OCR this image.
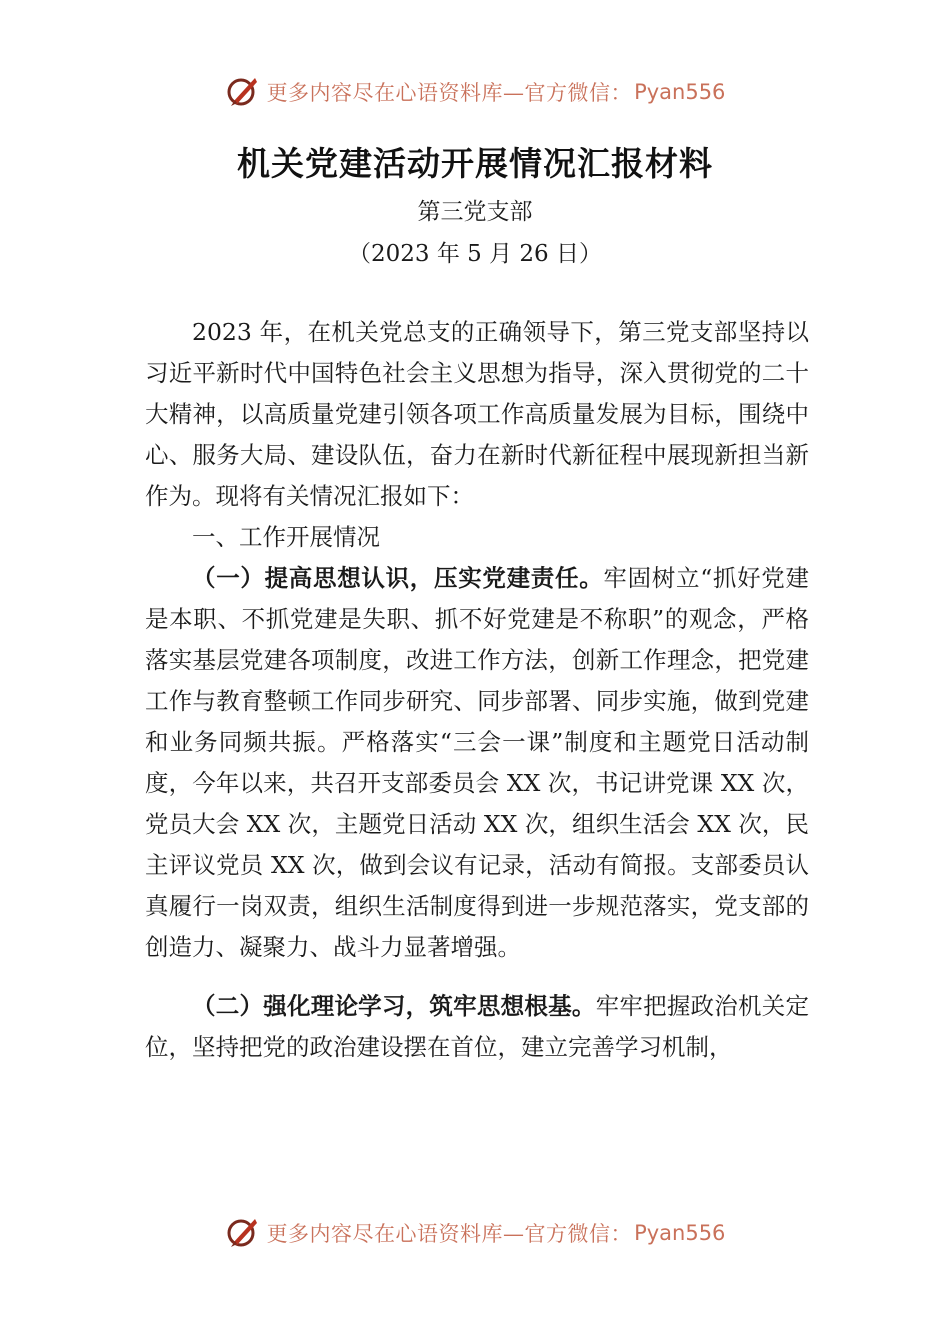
更多内容尽在心语资料库—官方微信： Pyan556
机关党建活动开展情况汇报材料
第三党支部
（2023 年 5 月 26 日）

2023 年，在机关党总支的正确领导下，第三党支部坚持以习近平新时代中国特色社会主义思想为指导，深入贯彻党的二十大精神，以高质量党建引领各项工作高质量发展为目标，围绕中心、服务大局、建设队伍，奋力在新时代新征程中展现新担当新作为。现将有关情况汇报如下：

一、工作开展情况

（一）提高思想认识，压实党建责任。牢固树立“抓好党建是本职、不抓党建是失职、抓不好党建是不称职”的观念，严格落实基层党建各项制度，改进工作方法，创新工作理念，把党建工作与教育整顿工作同步研究、同步部署、同步实施，做到党建和业务同频共振。严格落实“三会一课”制度和主题党日活动制度，今年以来，共召开支部委员会 XX 次，书记讲党课 XX 次，党员大会 XX 次，主题党日活动 XX 次，组织生活会 XX 次，民主评议党员 XX 次，做到会议有记录，活动有简报。支部委员认真履行一岗双责，组织生活制度得到进一步规范落实，党支部的创造力、凝聚力、战斗力显著增强。

（二）强化理论学习，筑牢思想根基。牢牢把握政治机关定位，坚持把党的政治建设摆在首位，建立完善学习机制，

更多内容尽在心语资料库—官方微信： Pyan556
